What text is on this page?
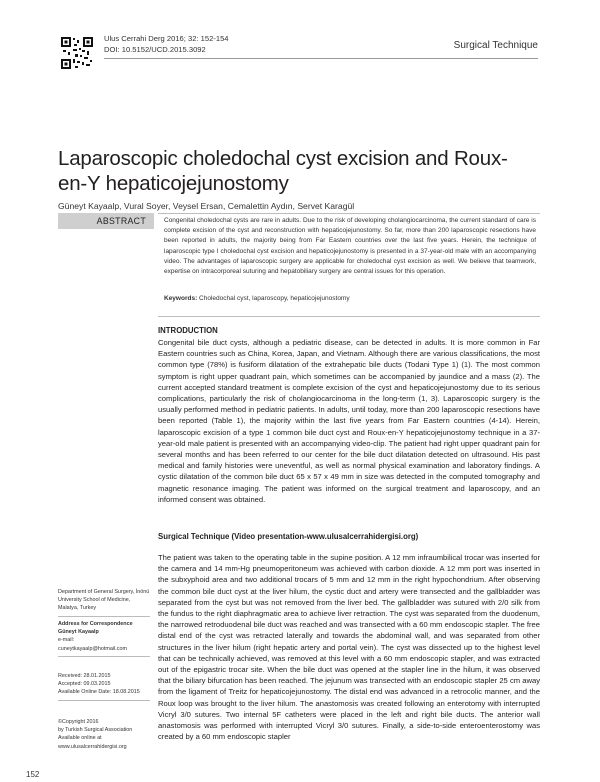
Ulus Cerrahi Derg 2016; 32: 152-154
DOI: 10.5152/UCD.2015.3092	Surgical Technique
Laparoscopic choledochal cyst excision and Roux-en-Y hepaticojejunostomy
Güneyt Kayaalp, Vural Soyer, Veysel Ersan, Cemalettin Aydın, Servet Karagül
ABSTRACT	Congenital choledochal cysts are rare in adults. Due to the risk of developing cholangiocarcinoma, the current standard of care is complete excision of the cyst and reconstruction with hepaticojejunostomy. So far, more than 200 laparoscopic resections have been reported in adults, the majority being from Far Eastern countries over the last five years. Herein, the technique of laparoscopic type I choledochal cyst excision and hepaticojejunostomy is presented in a 37-year-old male with an accompanying video. The advantages of laparoscopic surgery are applicable for choledochal cyst excision as well. We believe that teamwork, expertise on intracorporeal suturing and hepatobiliary surgery are central issues for this operation.

Keywords: Choledochal cyst, laparoscopy, hepaticojejunostomy
INTRODUCTION

Congenital bile duct cysts, although a pediatric disease, can be detected in adults. It is more common in Far Eastern countries such as China, Korea, Japan, and Vietnam. Although there are various classifications, the most common type (78%) is fusiform dilatation of the extrahepatic bile ducts (Todani Type 1) (1). The most common symptom is right upper quadrant pain, which sometimes can be accompanied by jaundice and a mass (2). The current accepted standard treatment is complete excision of the cyst and hepaticojejunostomy due to its serious complications, particularly the risk of cholangiocarcinoma in the long-term (1, 3). Laparoscopic surgery is the usually performed method in pediatric patients. In adults, until today, more than 200 laparoscopic resections have been reported (Table 1), the majority within the last five years from Far Eastern countries (4-14). Herein, laparoscopic excision of a type 1 common bile duct cyst and Roux-en-Y hepaticojejunostomy technique in a 37-year-old male patient is presented with an accompanying video-clip. The patient had right upper quadrant pain for several months and has been referred to our center for the bile duct dilatation detected on ultrasound. His past medical and family histories were uneventful, as well as normal physical examination and laboratory findings. A cystic dilatation of the common bile duct 65 x 57 x 49 mm in size was detected in the computed tomography and magnetic resonance imaging. The patient was informed on the surgical treatment and laparoscopy, and an informed consent was obtained.

Surgical Technique (Video presentation-www.ulusalcerrahidergisi.org)

The patient was taken to the operating table in the supine position. A 12 mm infraumbilical trocar was inserted for the camera and 14 mm-Hg pneumoperitoneum was achieved with carbon dioxide. A 12 mm port was inserted in the subxyphoid area and two additional trocars of 5 mm and 12 mm in the right hypochondrium. After observing the common bile duct cyst at the liver hilum, the cystic duct and artery were transected and the gallbladder was separated from the cyst but was not removed from the liver bed. The gallbladder was sutured with 2/0 silk from the fundus to the right diaphragmatic area to achieve liver retraction. The cyst was separated from the duodenum, the narrowed retroduodenal bile duct was reached and was transected with a 60 mm endoscopic stapler. The free distal end of the cyst was retracted laterally and towards the abdominal wall, and was separated from other structures in the liver hilum (right hepatic artery and portal vein). The cyst was dissected up to the highest level that can be technically achieved, was removed at this level with a 60 mm endoscopic stapler, and was extracted out of the epigastric trocar site. When the bile duct was opened at the stapler line in the hilum, it was observed that the biliary bifurcation has been reached. The jejunum was transected with an endoscopic stapler 25 cm away from the ligament of Treitz for hepaticojejunostomy. The distal end was advanced in a retrocolic manner, and the Roux loop was brought to the liver hilum. The anastomosis was created following an enterotomy with interrupted Vicryl 3/0 sutures. Two internal 5F catheters were placed in the left and right bile ducts. The anterior wall anastomosis was performed with interrupted Vicryl 3/0 sutures. Finally, a side-to-side enteroenterostomy was created by a 60 mm endoscopic stapler

Department of General Surgery, İnönü University School of Medicine, Malatya, Turkey
Address for Correspondence
Güneyt Kayaalp
e-mail:
cuneytkayaalp@hotmail.com
Received: 28.01.2015
Accepted: 09.03.2015
Available Online Date: 18.08.2015
©Copyright 2016
by Turkish Surgical Association
Available online at
www.ulusalcerrahidergisi.org
152
